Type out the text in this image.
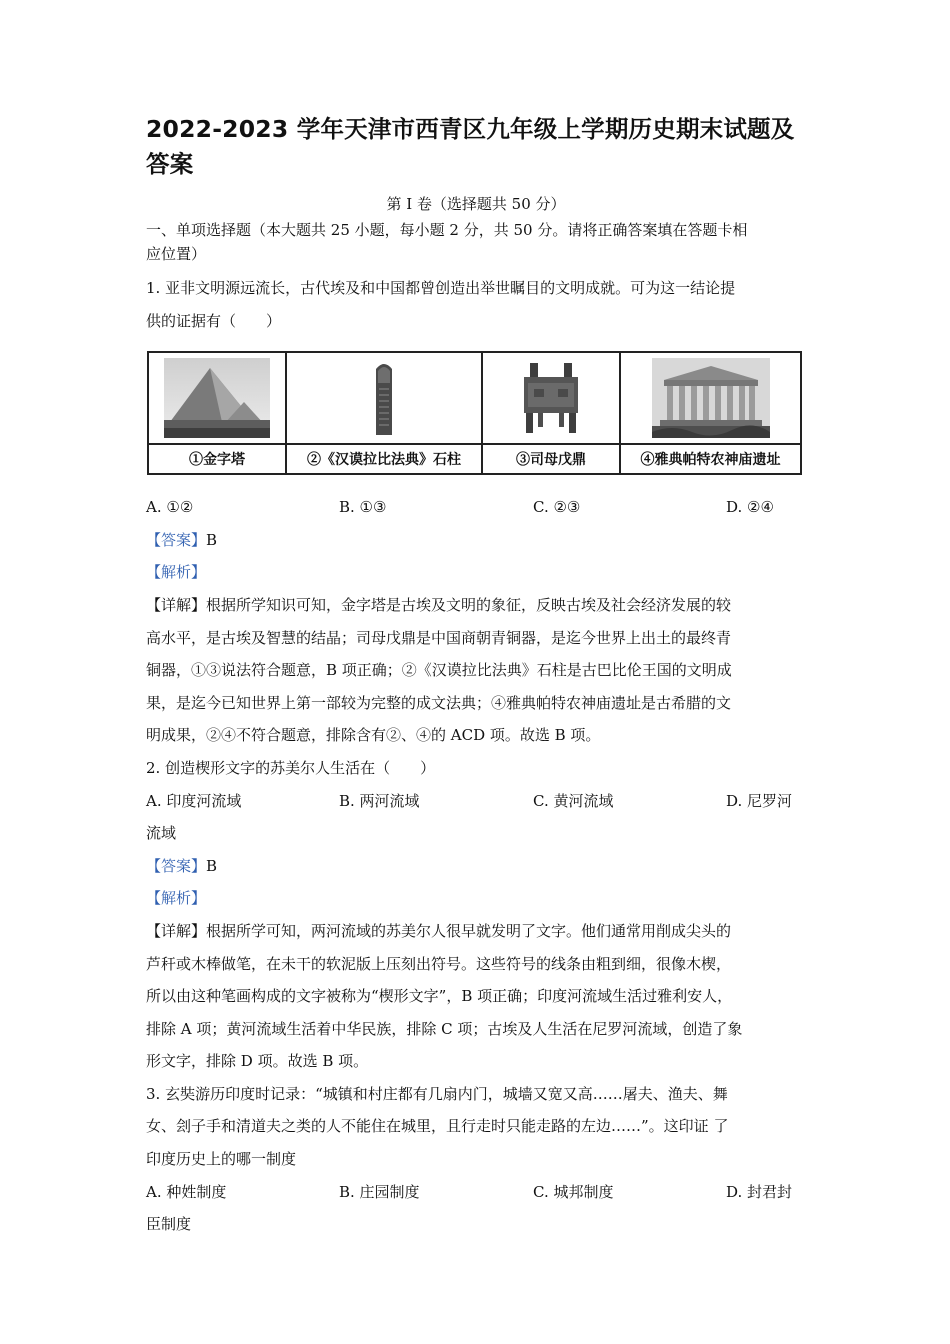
2022-2023 学年天津市西青区九年级上学期历史期末试题及
答案
第 I 卷（选择题共 50 分）

一、单项选择题（本大题共 25 小题，每小题 2 分，共 50 分。请将正确答案填在答题卡相
应位置）

1. 亚非文明源远流长，古代埃及和中国都曾创造出举世瞩目的文明成就。可为这一结论提
供的证据有（　　）

①金字塔	②《汉谟拉比法典》石柱	③司母戊鼎	④雅典帕特农神庙遗址
A. ①②	B. ①③	C. ②③	D. ②④

【答案】B

【解析】

【详解】根据所学知识可知，金字塔是古埃及文明的象征，反映古埃及社会经济发展的较
高水平，是古埃及智慧的结晶；司母戊鼎是中国商朝青铜器，是迄今世界上出土的最终青
铜器，①③说法符合题意，B 项正确；②《汉谟拉比法典》石柱是古巴比伦王国的文明成
果，是迄今已知世界上第一部较为完整的成文法典；④雅典帕特农神庙遗址是古希腊的文
明成果，②④不符合题意，排除含有②、④的 ACD 项。故选 B 项。

2. 创造楔形文字的苏美尔人生活在（　　）

A. 印度河流域	B. 两河流域	C. 黄河流域	D. 尼罗河

流域

【答案】B

【解析】

【详解】根据所学可知，两河流域的苏美尔人很早就发明了文字。他们通常用削成尖头的
芦秆或木棒做笔，在未干的软泥版上压刻出符号。这些符号的线条由粗到细，很像木楔，
所以由这种笔画构成的文字被称为“楔形文字”，B 项正确；印度河流域生活过雅利安人，
排除 A 项；黄河流域生活着中华民族，排除 C 项；古埃及人生活在尼罗河流域，创造了象
形文字，排除 D 项。故选 B 项。

3. 玄奘游历印度时记录：“城镇和村庄都有几扇内门，城墙又宽又高……屠夫、渔夫、舞
女、刽子手和清道夫之类的人不能住在城里，且行走时只能走路的左边……”。这印证 了
印度历史上的哪一制度

A. 种姓制度	B. 庄园制度	C. 城邦制度	D. 封君封

臣制度
